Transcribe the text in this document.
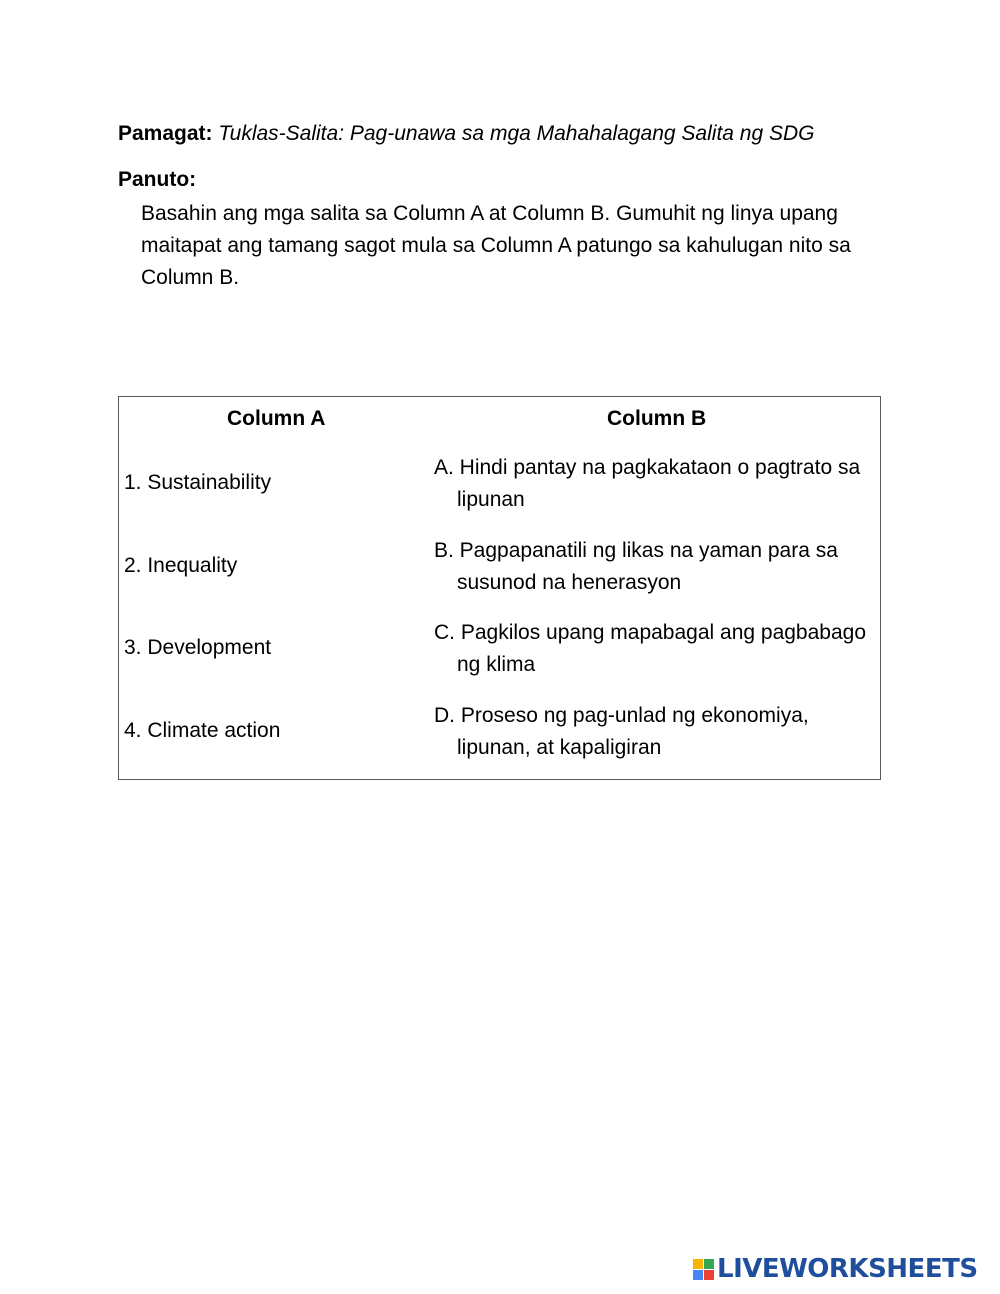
Pamagat: Tuklas-Salita: Pag-unawa sa mga Mahahalagang Salita ng SDG
Panuto:
Basahin ang mga salita sa Column A at Column B. Gumuhit ng linya upang maitapat ang tamang sagot mula sa Column A patungo sa kahulugan nito sa Column B.
Column A	Column B
1. Sustainability
2. Inequality
3. Development
4. Climate action
A. Hindi pantay na pagkakataon o pagtrato sa lipunan
B. Pagpapanatili ng likas na yaman para sa susunod na henerasyon
C. Pagkilos upang mapabagal ang pagbabago ng klima
D. Proseso ng pag-unlad ng ekonomiya, lipunan, at kapaligiran
LIVEWORKSHEETS
